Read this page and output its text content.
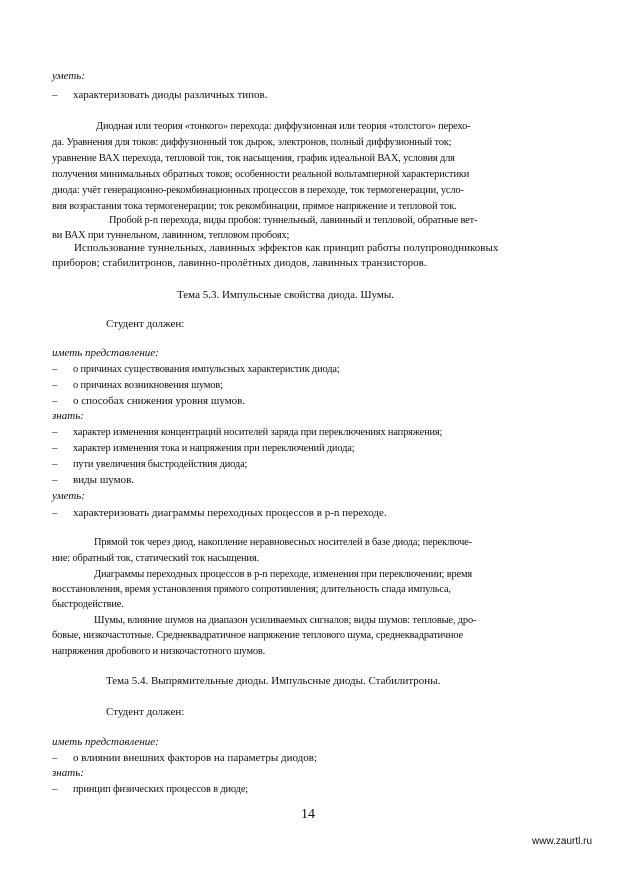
уметь:
– характеризовать диоды различных типов.
Диодная или теория «тонкого» перехода: диффузионная или теория «толстого» перехо-
да. Уравнения для токов: диффузионный ток дырок, электронов, полный диффузионный ток;
уравнение ВАХ перехода, тепловой ток, ток насыщения, график идеальной ВАХ, условия для
получения минимальных обратных токов; особенности реальной вольтамперной характеристики
диода: учёт генерационно-рекомбинационных процессов в переходе, ток термогенерации, усло-
вия возрастания тока термогенерации; ток рекомбинации, прямое напряжение и тепловой ток.
Пробой p-n перехода, виды пробоя: туннельный, лавинный и тепловой, обратные вет-
ви ВАХ при туннельном, лавинном, тепловом пробоях;
Использование туннельных, лавинных эффектов как принцип работы полупроводниковых
приборов; стабилитронов, лавинно-пролётных диодов, лавинных транзисторов.
Тема 5.3. Импульсные свойства диода. Шумы.
Студент должен:
иметь представление:
– о причинах существования импульсных характеристик диода;
– о причинах возникновения шумов;
– о способах снижения уровня шумов.
знать:
– характер изменения концентраций носителей заряда при переключениях напряжения;
– характер изменения тока и напряжения при переключений диода;
– пути увеличения быстродействия диода;
– виды шумов.
уметь:
– характеризовать диаграммы переходных процессов в p-n переходе.
Прямой ток через диод, накопление неравновесных носителей в базе диода; переключе-
ние: обратный ток, статический ток насыщения.
Диаграммы переходных процессов в p-n переходе, изменения при переключении; время
восстановления, время установления прямого сопротивления; длительность спада импульса,
быстродействие.
Шумы, влияние шумов на диапазон усиливаемых сигналов; виды шумов: тепловые, дро-
бовые, низкочастотные. Среднеквадратичное напряжение теплового шума, среднеквадратичное
напряжения дробового и низкочастотного шумов.
Тема 5.4. Выпрямительные диоды. Импульсные диоды. Стабилитроны.
Студент должен:
иметь представление:
– о влиянии внешних факторов на параметры диодов;
знать:
– принцип физических процессов в диоде;
14
www.zaurtl.ru
